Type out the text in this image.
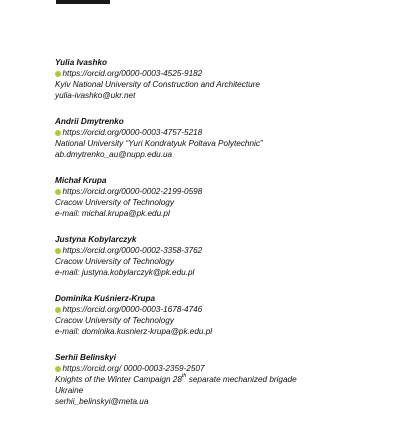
Yulia Ivashko
https://orcid.org/0000-0003-4525-9182
Kyiv National University of Construction and Architecture
yulia-ivashko@ukr.net
Andrii Dmytrenko
https://orcid.org/0000-0003-4757-5218
National University “Yuri Kondratyuk Poltava Polytechnic”
ab.dmytrenko_au@nupp.edu.ua
Michał Krupa
https://orcid.org/0000-0002-2199-0598
Cracow University of Technology
e-mail: michal.krupa@pk.edu.pl
Justyna Kobylarczyk
https://orcid.org/0000-0002-3358-3762
Cracow University of Technology
e-mail: justyna.kobylarczyk@pk.edu.pl
Dominika Kuśnierz-Krupa
https://orcid.org/0000-0003-1678-4746
Cracow University of Technology
e-mail: dominika.kusnierz-krupa@pk.edu.pl
Serhii Belinskyi
https://orcid.org/ 0000-0003-2359-2507
Knights of the Winter Campaign 28th separate mechanized brigade
Ukraine
serhii_belinskyi@meta.ua
